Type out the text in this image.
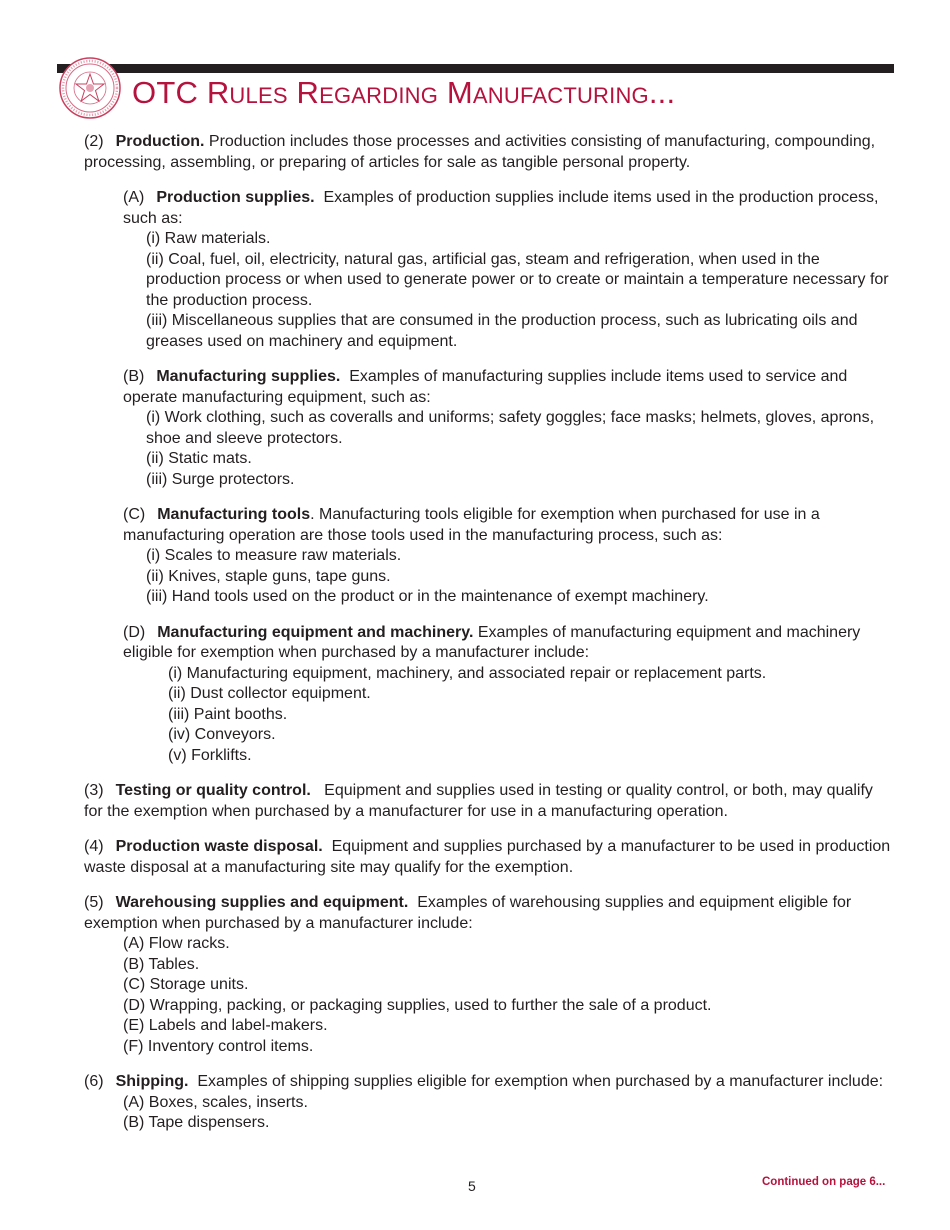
OTC Rules Regarding Manufacturing...

(2) Production. Production includes those processes and activities consisting of manufacturing, compounding, processing, assembling, or preparing of articles for sale as tangible personal property.

(A) Production supplies. Examples of production supplies include items used in the production process, such as:

(i) Raw materials.

(ii) Coal, fuel, oil, electricity, natural gas, artificial gas, steam and refrigeration, when used in the production process or when used to generate power or to create or maintain a temperature necessary for the production process.

(iii) Miscellaneous supplies that are consumed in the production process, such as lubricating oils and greases used on machinery and equipment.

(B) Manufacturing supplies. Examples of manufacturing supplies include items used to service and operate manufacturing equipment, such as:

(i) Work clothing, such as coveralls and uniforms; safety goggles; face masks; helmets, gloves, aprons, shoe and sleeve protectors.

(ii) Static mats.

(iii) Surge protectors.

(C) Manufacturing tools. Manufacturing tools eligible for exemption when purchased for use in a manufacturing operation are those tools used in the manufacturing process, such as:

(i) Scales to measure raw materials.

(ii) Knives, staple guns, tape guns.

(iii) Hand tools used on the product or in the maintenance of exempt machinery.

(D) Manufacturing equipment and machinery. Examples of manufacturing equipment and machinery eligible for exemption when purchased by a manufacturer include:

(i) Manufacturing equipment, machinery, and associated repair or replacement parts.

(ii) Dust collector equipment.

(iii) Paint booths.

(iv) Conveyors.

(v) Forklifts.

(3) Testing or quality control. Equipment and supplies used in testing or quality control, or both, may qualify for the exemption when purchased by a manufacturer for use in a manufacturing operation.

(4) Production waste disposal. Equipment and supplies purchased by a manufacturer to be used in production waste disposal at a manufacturing site may qualify for the exemption.

(5) Warehousing supplies and equipment. Examples of warehousing supplies and equipment eligible for exemption when purchased by a manufacturer include:

(A) Flow racks.

(B) Tables.

(C) Storage units.

(D) Wrapping, packing, or packaging supplies, used to further the sale of a product.

(E) Labels and label-makers.

(F) Inventory control items.

(6) Shipping. Examples of shipping supplies eligible for exemption when purchased by a manufacturer include:

(A) Boxes, scales, inserts.

(B) Tape dispensers.

5	Continued on page 6...
